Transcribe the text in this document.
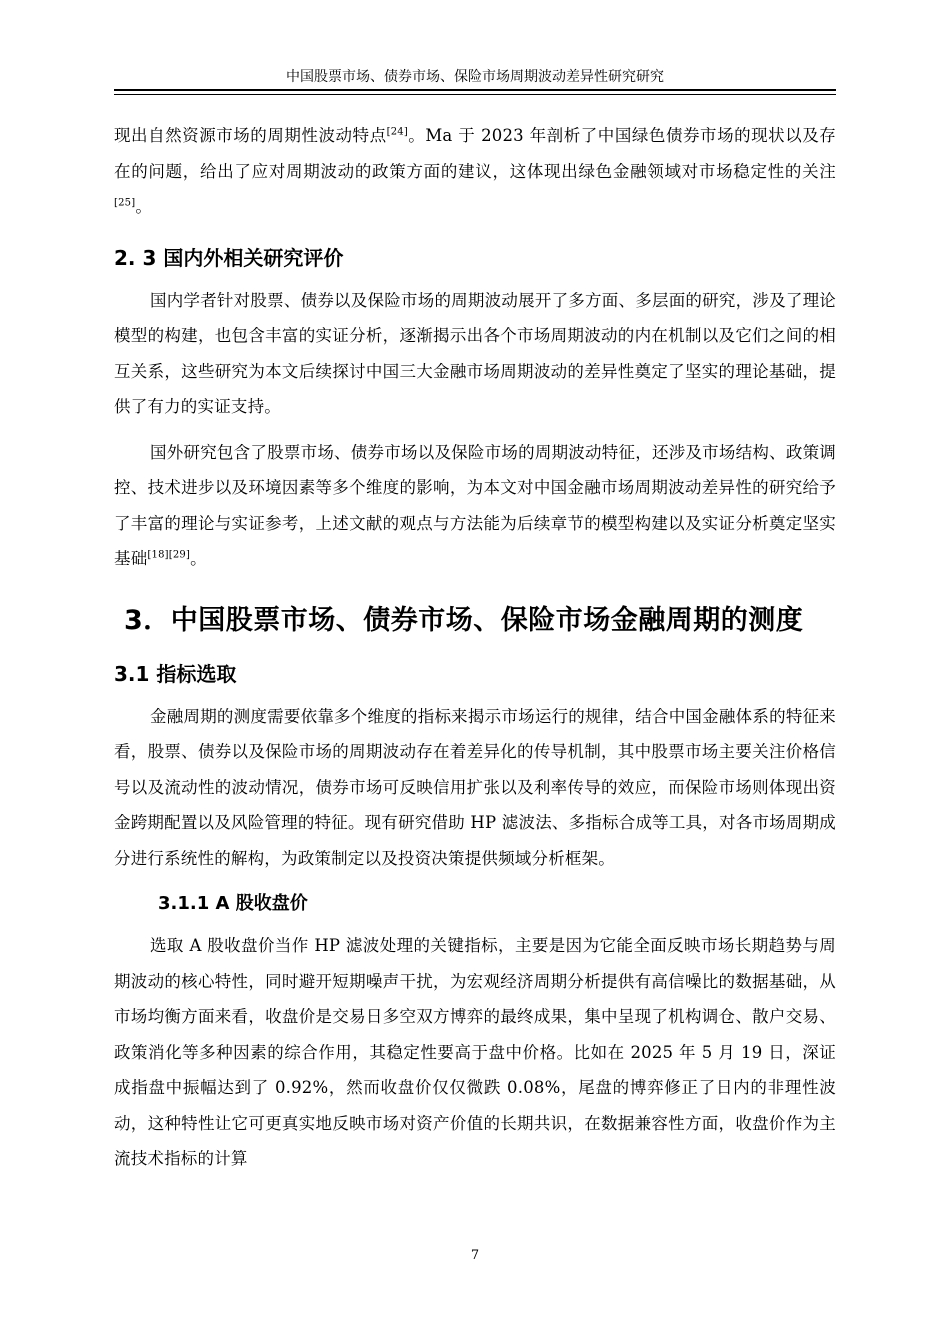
中国股票市场、债券市场、保险市场周期波动差异性研究研究

现出自然资源市场的周期性波动特点[24]。Ma 于 2023 年剖析了中国绿色债券市场的现状以及存在的问题，给出了应对周期波动的政策方面的建议，这体现出绿色金融领域对市场稳定性的关注[25]。

2. 3 国内外相关研究评价

国内学者针对股票、债券以及保险市场的周期波动展开了多方面、多层面的研究，涉及了理论模型的构建，也包含丰富的实证分析，逐渐揭示出各个市场周期波动的内在机制以及它们之间的相互关系，这些研究为本文后续探讨中国三大金融市场周期波动的差异性奠定了坚实的理论基础，提供了有力的实证支持。

国外研究包含了股票市场、债券市场以及保险市场的周期波动特征，还涉及市场结构、政策调控、技术进步以及环境因素等多个维度的影响，为本文对中国金融市场周期波动差异性的研究给予了丰富的理论与实证参考，上述文献的观点与方法能为后续章节的模型构建以及实证分析奠定坚实基础[18][29]。

3．中国股票市场、债券市场、保险市场金融周期的测度
3.1 指标选取

金融周期的测度需要依靠多个维度的指标来揭示市场运行的规律，结合中国金融体系的特征来看，股票、债券以及保险市场的周期波动存在着差异化的传导机制，其中股票市场主要关注价格信号以及流动性的波动情况，债券市场可反映信用扩张以及利率传导的效应，而保险市场则体现出资金跨期配置以及风险管理的特征。现有研究借助 HP 滤波法、多指标合成等工具，对各市场周期成分进行系统性的解构，为政策制定以及投资决策提供频域分析框架。

3.1.1 A 股收盘价

选取 A 股收盘价当作 HP 滤波处理的关键指标，主要是因为它能全面反映市场长期趋势与周期波动的核心特性，同时避开短期噪声干扰，为宏观经济周期分析提供有高信噪比的数据基础，从市场均衡方面来看，收盘价是交易日多空双方博弈的最终成果，集中呈现了机构调仓、散户交易、政策消化等多种因素的综合作用，其稳定性要高于盘中价格。比如在 2025 年 5 月 19 日，深证成指盘中振幅达到了 0.92%，然而收盘价仅仅微跌 0.08%，尾盘的博弈修正了日内的非理性波动，这种特性让它可更真实地反映市场对资产价值的长期共识，在数据兼容性方面，收盘价作为主流技术指标的计算

7
